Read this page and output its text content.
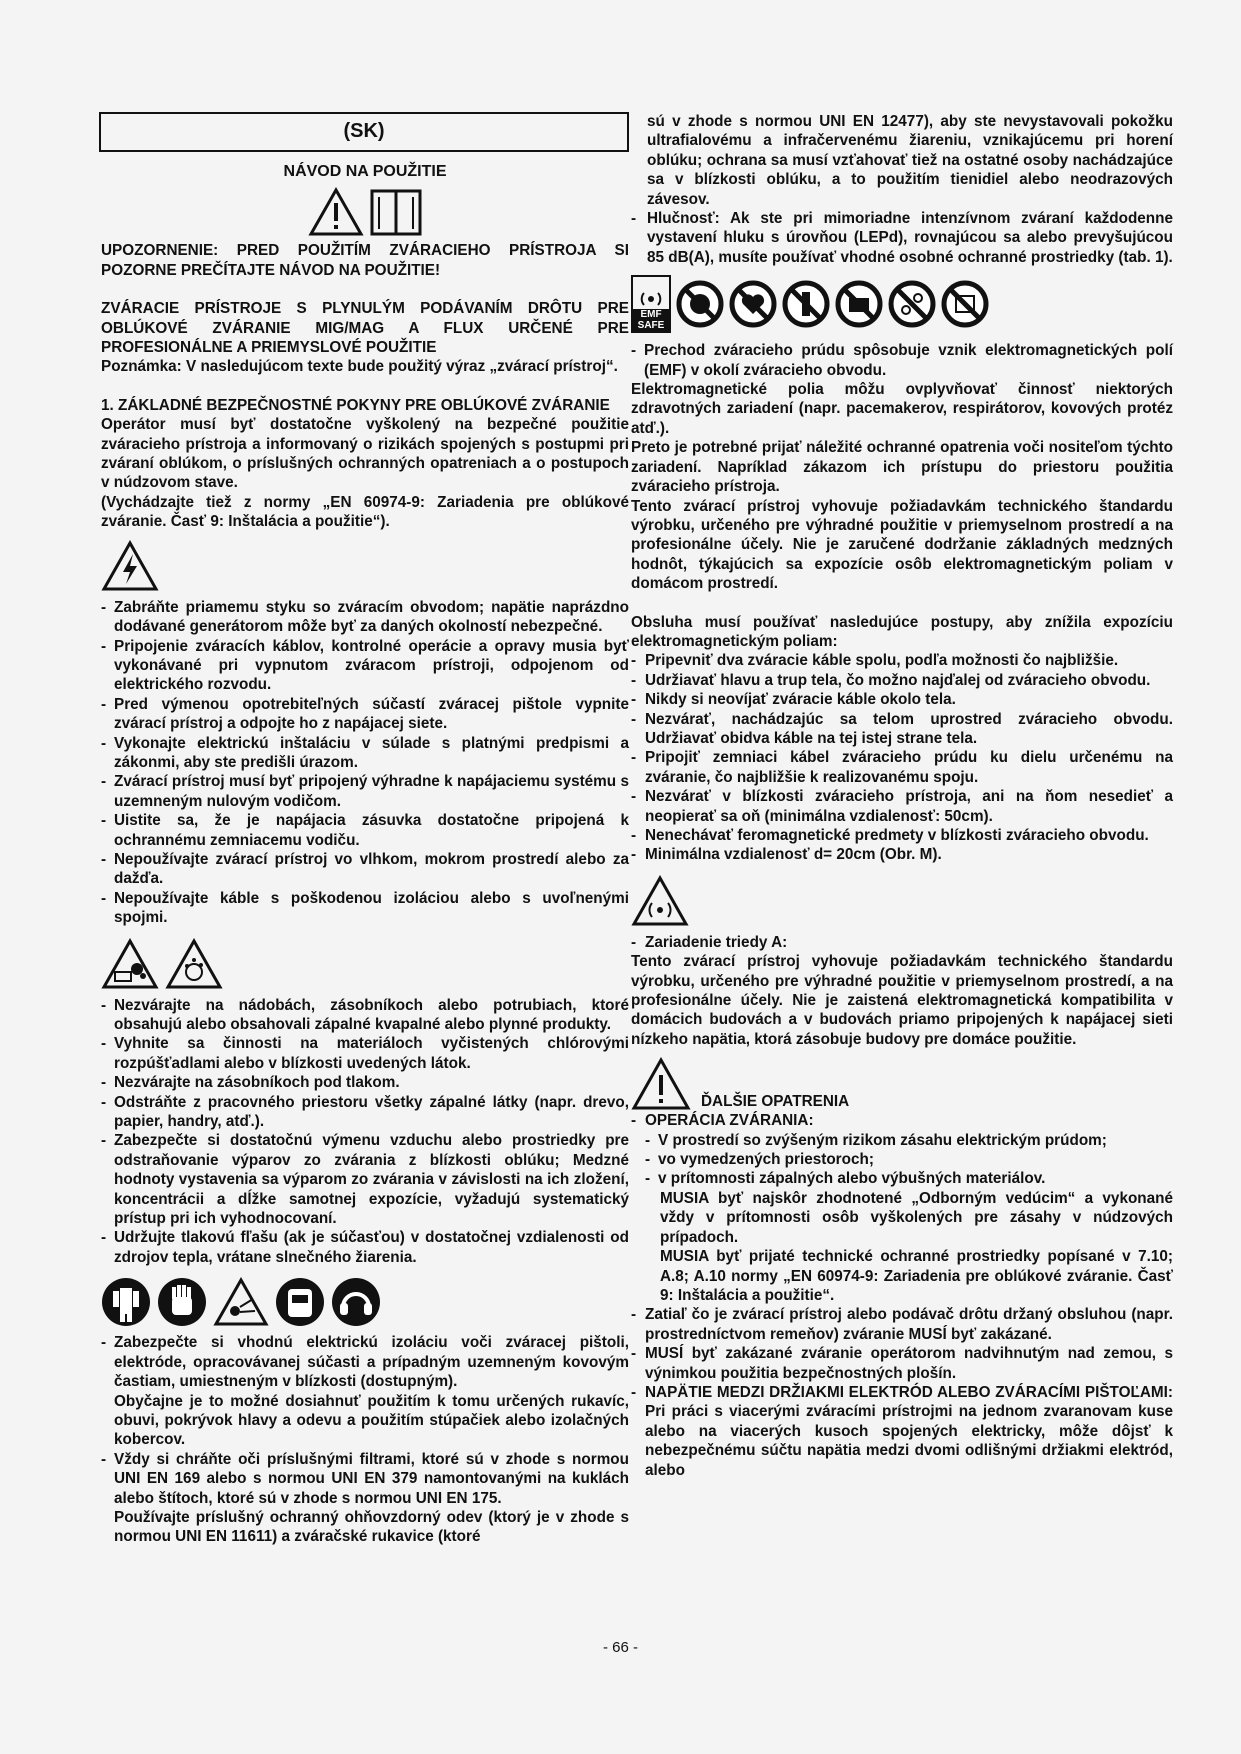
(SK)
NÁVOD NA POUŽITIE

UPOZORNENIE: PRED POUŽITÍM ZVÁRACIEHO PRÍSTROJA SI POZORNE PREČÍTAJTE NÁVOD NA POUŽITIE!

ZVÁRACIE PRÍSTROJE S PLYNULÝM PODÁVANÍM DRÔTU PRE OBLÚKOVÉ ZVÁRANIE MIG/MAG A FLUX URČENÉ PRE PROFESIONÁLNE A PRIEMYSLOVÉ POUŽITIE

Poznámka: V nasledujúcom texte bude použitý výraz „zvárací prístroj“.

1. ZÁKLADNÉ BEZPEČNOSTNÉ POKYNY PRE OBLÚKOVÉ ZVÁRANIE

Operátor musí byť dostatočne vyškolený na bezpečné použitie zváracieho prístroja a informovaný o rizikách spojených s postupmi pri zváraní oblúkom, o príslušných ochranných opatreniach a o postupoch v núdzovom stave.

(Vychádzajte tiež z normy „EN 60974-9: Zariadenia pre oblúkové zváranie. Časť 9: Inštalácia a použitie“).

- Zabráňte priamemu styku so zváracím obvodom; napätie naprázdno dodávané generátorom môže byť za daných okolností nebezpečné.
- Pripojenie zváracích káblov, kontrolné operácie a opravy musia byť vykonávané pri vypnutom zváracom prístroji, odpojenom od elektrického rozvodu.
- Pred výmenou opotrebiteľných súčastí zváracej pištole vypnite zvárací prístroj a odpojte ho z napájacej siete.
- Vykonajte elektrickú inštaláciu v súlade s platnými predpismi a zákonmi, aby ste predišli úrazom.
- Zvárací prístroj musí byť pripojený výhradne k napájaciemu systému s uzemneným nulovým vodičom.
- Uistite sa, že je napájacia zásuvka dostatočne pripojená k ochrannému zemniacemu vodiču.
- Nepoužívajte zvárací prístroj vo vlhkom, mokrom prostredí alebo za dažďa.
- Nepoužívajte káble s poškodenou izoláciou alebo s uvoľnenými spojmi.
- Nezvárajte na nádobách, zásobníkoch alebo potrubiach, ktoré obsahujú alebo obsahovali zápalné kvapalné alebo plynné produkty.
- Vyhnite sa činnosti na materiáloch vyčistených chlórovými rozpúšťadlami alebo v blízkosti uvedených látok.
- Nezvárajte na zásobníkoch pod tlakom.
- Odstráňte z pracovného priestoru všetky zápalné látky (napr. drevo, papier, handry, atď.).
- Zabezpečte si dostatočnú výmenu vzduchu alebo prostriedky pre odstraňovanie výparov zo zvárania z blízkosti oblúku; Medzné hodnoty vystavenia sa výparom zo zvárania v závislosti na ich zložení, koncentrácii a dĺžke samotnej expozície, vyžadujú systematický prístup pri ich vyhodnocovaní.
- Udržujte tlakovú fľašu (ak je súčasťou) v dostatočnej vzdialenosti od zdrojov tepla, vrátane slnečného žiarenia.
- Zabezpečte si vhodnú elektrickú izoláciu voči zváracej pištoli, elektróde, opracovávanej súčasti a prípadným uzemneným kovovým častiam, umiestneným v blízkosti (dostupným).
Obyčajne je to možné dosiahnuť použitím k tomu určených rukavíc, obuvi, pokrývok hlavy a odevu a použitím stúpačiek alebo izolačných kobercov.
- Vždy si chráňte oči príslušnými filtrami, ktoré sú v zhode s normou UNI EN 169 alebo s normou UNI EN 379 namontovanými na kuklách alebo štítoch, ktoré sú v zhode s normou UNI EN 175.
Používajte príslušný ochranný ohňovzdorný odev (ktorý je v zhode s normou UNI EN 11611) a zváračské rukavice (ktoré

sú v zhode s normou UNI EN 12477), aby ste nevystavovali pokožku ultrafialovému a infračervenému žiareniu, vznikajúcemu pri horení oblúku; ochrana sa musí vzťahovať tiež na ostatné osoby nachádzajúce sa v blízkosti oblúku, a to použitím tienidiel alebo neodrazových závesov.

- Hlučnosť: Ak ste pri mimoriadne intenzívnom zváraní každodenne vystavení hluku s úrovňou (LEPd), rovnajúcou sa alebo prevyšujúcou 85 dB(A), musíte používať vhodné osobné ochranné prostriedky (tab. 1).
EMF SAFE
- Prechod zváracieho prúdu spôsobuje vznik elektromagnetických polí (EMF) v okolí zváracieho obvodu.

Elektromagnetické polia môžu ovplyvňovať činnosť niektorých zdravotných zariadení (napr. pacemakerov, respirátorov, kovových protéz atď.).

Preto je potrebné prijať náležité ochranné opatrenia voči nositeľom týchto zariadení. Napríklad zákazom ich prístupu do priestoru použitia zváracieho prístroja.

Tento zvárací prístroj vyhovuje požiadavkám technického štandardu výrobku, určeného pre výhradné použitie v priemyselnom prostredí a na profesionálne účely. Nie je zaručené dodržanie základných medzných hodnôt, týkajúcich sa expozície osôb elektromagnetickým poliam v domácom prostredí.

Obsluha musí používať nasledujúce postupy, aby znížila expozíciu elektromagnetickým poliam:

- Pripevniť dva zváracie káble spolu, podľa možnosti čo najbližšie.
- Udržiavať hlavu a trup tela, čo možno najďalej od zváracieho obvodu.
- Nikdy si neovíjať zváracie káble okolo tela.
- Nezvárať, nachádzajúc sa telom uprostred zváracieho obvodu. Udržiavať obidva káble na tej istej strane tela.
- Pripojiť zemniaci kábel zváracieho prúdu ku dielu určenému na zváranie, čo najbližšie k realizovanému spoju.
- Nezvárať v blízkosti zváracieho prístroja, ani na ňom nesedieť a neopierať sa oň (minimálna vzdialenosť: 50cm).
- Nenechávať feromagnetické predmety v blízkosti zváracieho obvodu.
- Minimálna vzdialenosť d= 20cm (Obr. M).
- Zariadenie triedy A:

Tento zvárací prístroj vyhovuje požiadavkám technického štandardu výrobku, určeného pre výhradné použitie v priemyselnom prostredí, a na profesionálne účely. Nie je zaistená elektromagnetická kompatibilita v domácich budovách a v budovách priamo pripojených k napájacej sieti nízkeho napätia, ktorá zásobuje budovy pre domáce použitie.

ĎALŠIE OPATRENIA
- OPERÁCIA ZVÁRANIA:
- V prostredí so zvýšeným rizikom zásahu elektrickým prúdom;
- vo vymedzených priestoroch;
- v prítomnosti zápalných alebo výbušných materiálov.

MUSIA byť najskôr zhodnotené „Odborným vedúcim“ a vykonané vždy v prítomnosti osôb vyškolených pre zásahy v núdzových prípadoch.

MUSIA byť prijaté technické ochranné prostriedky popísané v 7.10; A.8; A.10 normy „EN 60974-9: Zariadenia pre oblúkové zváranie. Časť 9: Inštalácia a použitie“.

- Zatiaľ čo je zvárací prístroj alebo podávač drôtu držaný obsluhou (napr. prostredníctvom remeňov) zváranie MUSÍ byť zakázané.
- MUSÍ byť zakázané zváranie operátorom nadvihnutým nad zemou, s výnimkou použitia bezpečnostných plošín.
- NAPÄTIE MEDZI DRŽIAKMI ELEKTRÓD ALEBO ZVÁRACÍMI PIŠTOĽAMI: Pri práci s viacerými zváracími prístrojmi na jednom zvaranovam kuse alebo na viacerých kusoch spojených elektricky, môže dôjsť k nebezpečnému súčtu napätia medzi dvomi odlišnými držiakmi elektród, alebo
- 66 -
